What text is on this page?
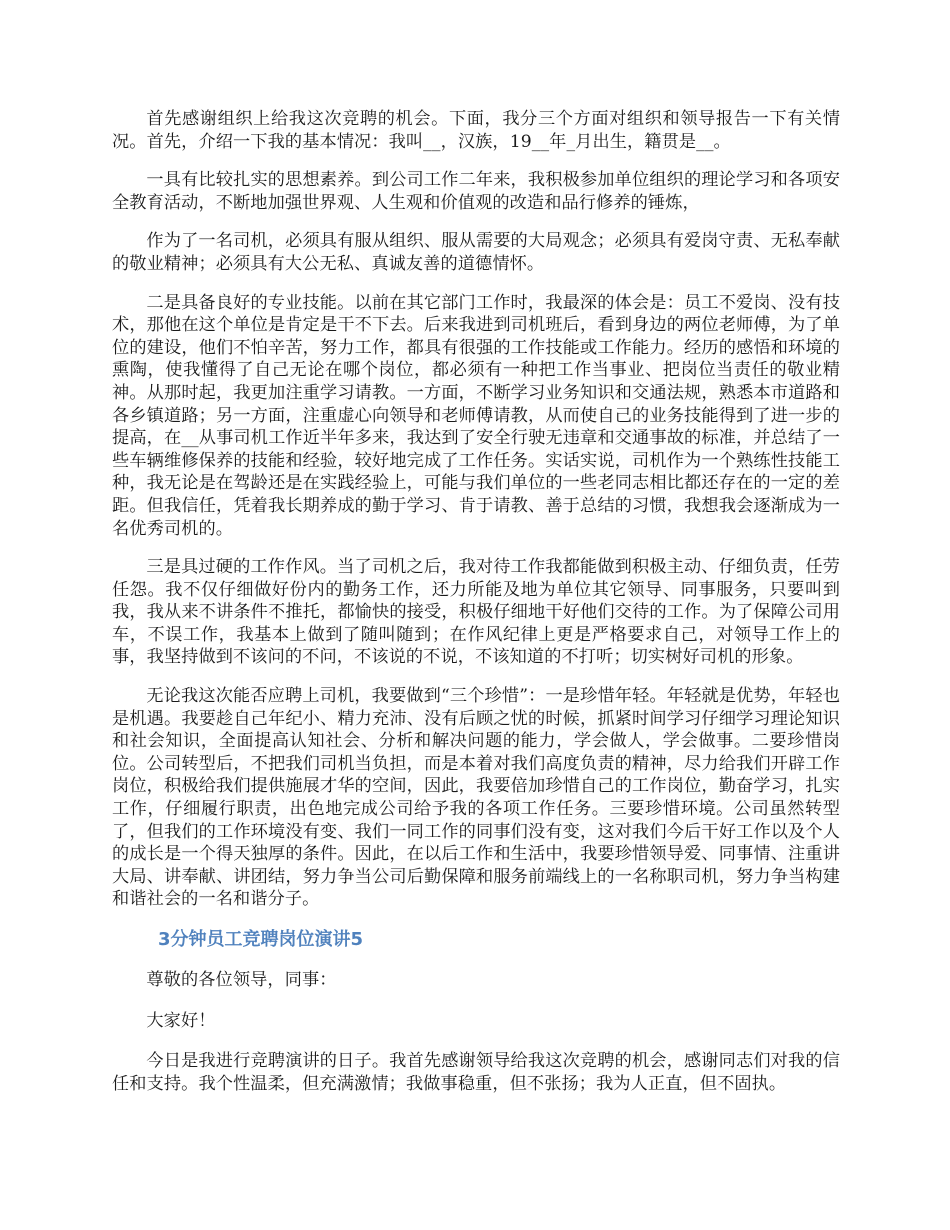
首先感谢组织上给我这次竞聘的机会。下面，我分三个方面对组织和领导报告一下有关情况。首先，介绍一下我的基本情况：我叫__，汉族，19__年_月出生，籍贯是__。

一具有比较扎实的思想素养。到公司工作二年来，我积极参加单位组织的理论学习和各项安全教育活动，不断地加强世界观、人生观和价值观的改造和品行修养的锤炼，

作为了一名司机，必须具有服从组织、服从需要的大局观念；必须具有爱岗守责、无私奉献的敬业精神；必须具有大公无私、真诚友善的道德情怀。

二是具备良好的专业技能。以前在其它部门工作时，我最深的体会是：员工不爱岗、没有技术，那他在这个单位是肯定是干不下去。后来我进到司机班后，看到身边的两位老师傅，为了单位的建设，他们不怕辛苦，努力工作，都具有很强的工作技能或工作能力。经历的感悟和环境的熏陶，使我懂得了自己无论在哪个岗位，都必须有一种把工作当事业、把岗位当责任的敬业精神。从那时起，我更加注重学习请教。一方面，不断学习业务知识和交通法规，熟悉本市道路和各乡镇道路；另一方面，注重虚心向领导和老师傅请教，从而使自己的业务技能得到了进一步的提高，在__从事司机工作近半年多来，我达到了安全行驶无违章和交通事故的标准，并总结了一些车辆维修保养的技能和经验，较好地完成了工作任务。实话实说，司机作为一个熟练性技能工种，我无论是在驾龄还是在实践经验上，可能与我们单位的一些老同志相比都还存在的一定的差距。但我信任，凭着我长期养成的勤于学习、肯于请教、善于总结的习惯，我想我会逐渐成为一名优秀司机的。

三是具过硬的工作作风。当了司机之后，我对待工作我都能做到积极主动、仔细负责，任劳任怨。我不仅仔细做好份内的勤务工作，还力所能及地为单位其它领导、同事服务，只要叫到我，我从来不讲条件不推托，都愉快的接受，积极仔细地干好他们交待的工作。为了保障公司用车，不误工作，我基本上做到了随叫随到；在作风纪律上更是严格要求自己，对领导工作上的事，我坚持做到不该问的不问，不该说的不说，不该知道的不打听；切实树好司机的形象。

无论我这次能否应聘上司机，我要做到“三个珍惜”：一是珍惜年轻。年轻就是优势，年轻也是机遇。我要趁自己年纪小、精力充沛、没有后顾之忧的时候，抓紧时间学习仔细学习理论知识和社会知识，全面提高认知社会、分析和解决问题的能力，学会做人，学会做事。二要珍惜岗位。公司转型后，不把我们司机当负担，而是本着对我们高度负责的精神，尽力给我们开辟工作岗位，积极给我们提供施展才华的空间，因此，我要倍加珍惜自己的工作岗位，勤奋学习，扎实工作，仔细履行职责，出色地完成公司给予我的各项工作任务。三要珍惜环境。公司虽然转型了，但我们的工作环境没有变、我们一同工作的同事们没有变，这对我们今后干好工作以及个人的成长是一个得天独厚的条件。因此，在以后工作和生活中，我要珍惜领导爱、同事情、注重讲大局、讲奉献、讲团结，努力争当公司后勤保障和服务前端线上的一名称职司机，努力争当构建和谐社会的一名和谐分子。

3分钟员工竞聘岗位演讲5

尊敬的各位领导，同事：

大家好！

今日是我进行竞聘演讲的日子。我首先感谢领导给我这次竞聘的机会，感谢同志们对我的信任和支持。我个性温柔，但充满激情；我做事稳重，但不张扬；我为人正直，但不固执。
